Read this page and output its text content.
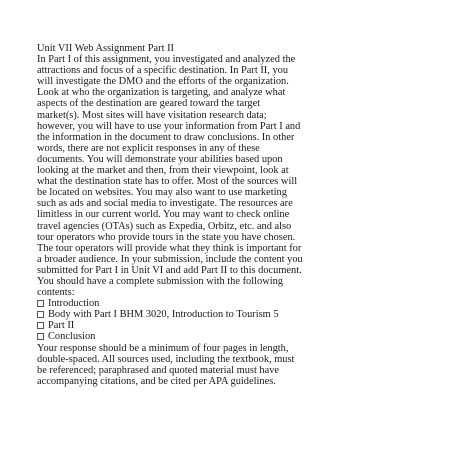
Unit VII Web Assignment Part II
In Part I of this assignment, you investigated and analyzed the
attractions and focus of a specific destination. In Part II, you
will investigate the DMO and the efforts of the organization.
Look at who the organization is targeting, and analyze what
aspects of the destination are geared toward the target
market(s). Most sites will have visitation research data;
however, you will have to use your information from Part I and
the information in the document to draw conclusions. In other
words, there are not explicit responses in any of these
documents. You will demonstrate your abilities based upon
looking at the market and then, from their viewpoint, look at
what the destination state has to offer. Most of the sources will
be located on websites. You may also want to use marketing
such as ads and social media to investigate. The resources are
limitless in our current world. You may want to check online
travel agencies (OTAs) such as Expedia, Orbitz, etc. and also
tour operators who provide tours in the state you have chosen.
The tour operators will provide what they think is important for
a broader audience. In your submission, include the content you
submitted for Part I in Unit VI and add Part II to this document.
You should have a complete submission with the following
contents:
Introduction
Body with Part I BHM 3020, Introduction to Tourism 5
Part II
Conclusion
Your response should be a minimum of four pages in length,
double-spaced. All sources used, including the textbook, must
be referenced; paraphrased and quoted material must have
accompanying citations, and be cited per APA guidelines.
